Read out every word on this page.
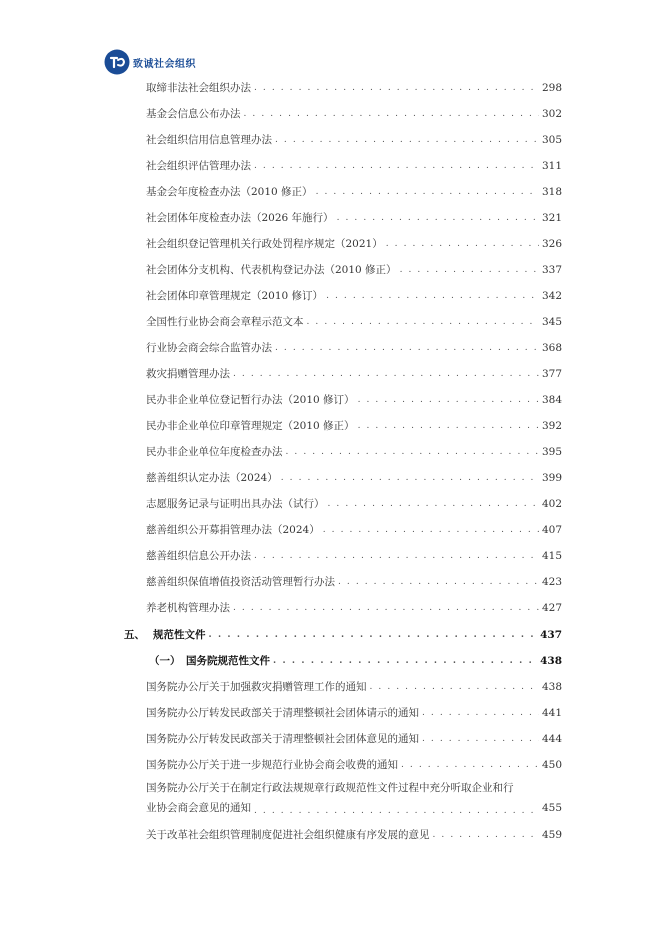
致诚社会组织
取缔非法社会组织办法 . . .	298
基金会信息公布办法 . . .	302
社会组织信用信息管理办法 . . .	305
社会组织评估管理办法 . . .	311
基金会年度检查办法（2010 修正） . . .	318
社会团体年度检查办法（2026 年施行） . . .	321
社会组织登记管理机关行政处罚程序规定（2021） . . .	326
社会团体分支机构、代表机构登记办法（2010 修正） . . .	337
社会团体印章管理规定（2010 修订） . . .	342
全国性行业协会商会章程示范文本 . . .	345
行业协会商会综合监管办法 . . .	368
救灾捐赠管理办法 . . .	377
民办非企业单位登记暂行办法（2010 修订） . . .	384
民办非企业单位印章管理规定（2010 修正） . . .	392
民办非企业单位年度检查办法 . . .	395
慈善组织认定办法（2024） . . .	399
志愿服务记录与证明出具办法（试行） . . .	402
慈善组织公开募捐管理办法（2024） . . .	407
慈善组织信息公开办法 . . .	415
慈善组织保值增值投资活动管理暂行办法 . . .	423
养老机构管理办法 . . .	427
五、 规范性文件 . . .	437
（一） 国务院规范性文件 . . .	438
国务院办公厅关于加强救灾捐赠管理工作的通知 . . .	438
国务院办公厅转发民政部关于清理整顿社会团体请示的通知 . . .	441
国务院办公厅转发民政部关于清理整顿社会团体意见的通知 . . .	444
国务院办公厅关于进一步规范行业协会商会收费的通知 . . .	450
国务院办公厅关于在制定行政法规规章行政规范性文件过程中充分听取企业和行
业协会商会意见的通知 . . .	455
关于改革社会组织管理制度促进社会组织健康有序发展的意见 . . .	459
